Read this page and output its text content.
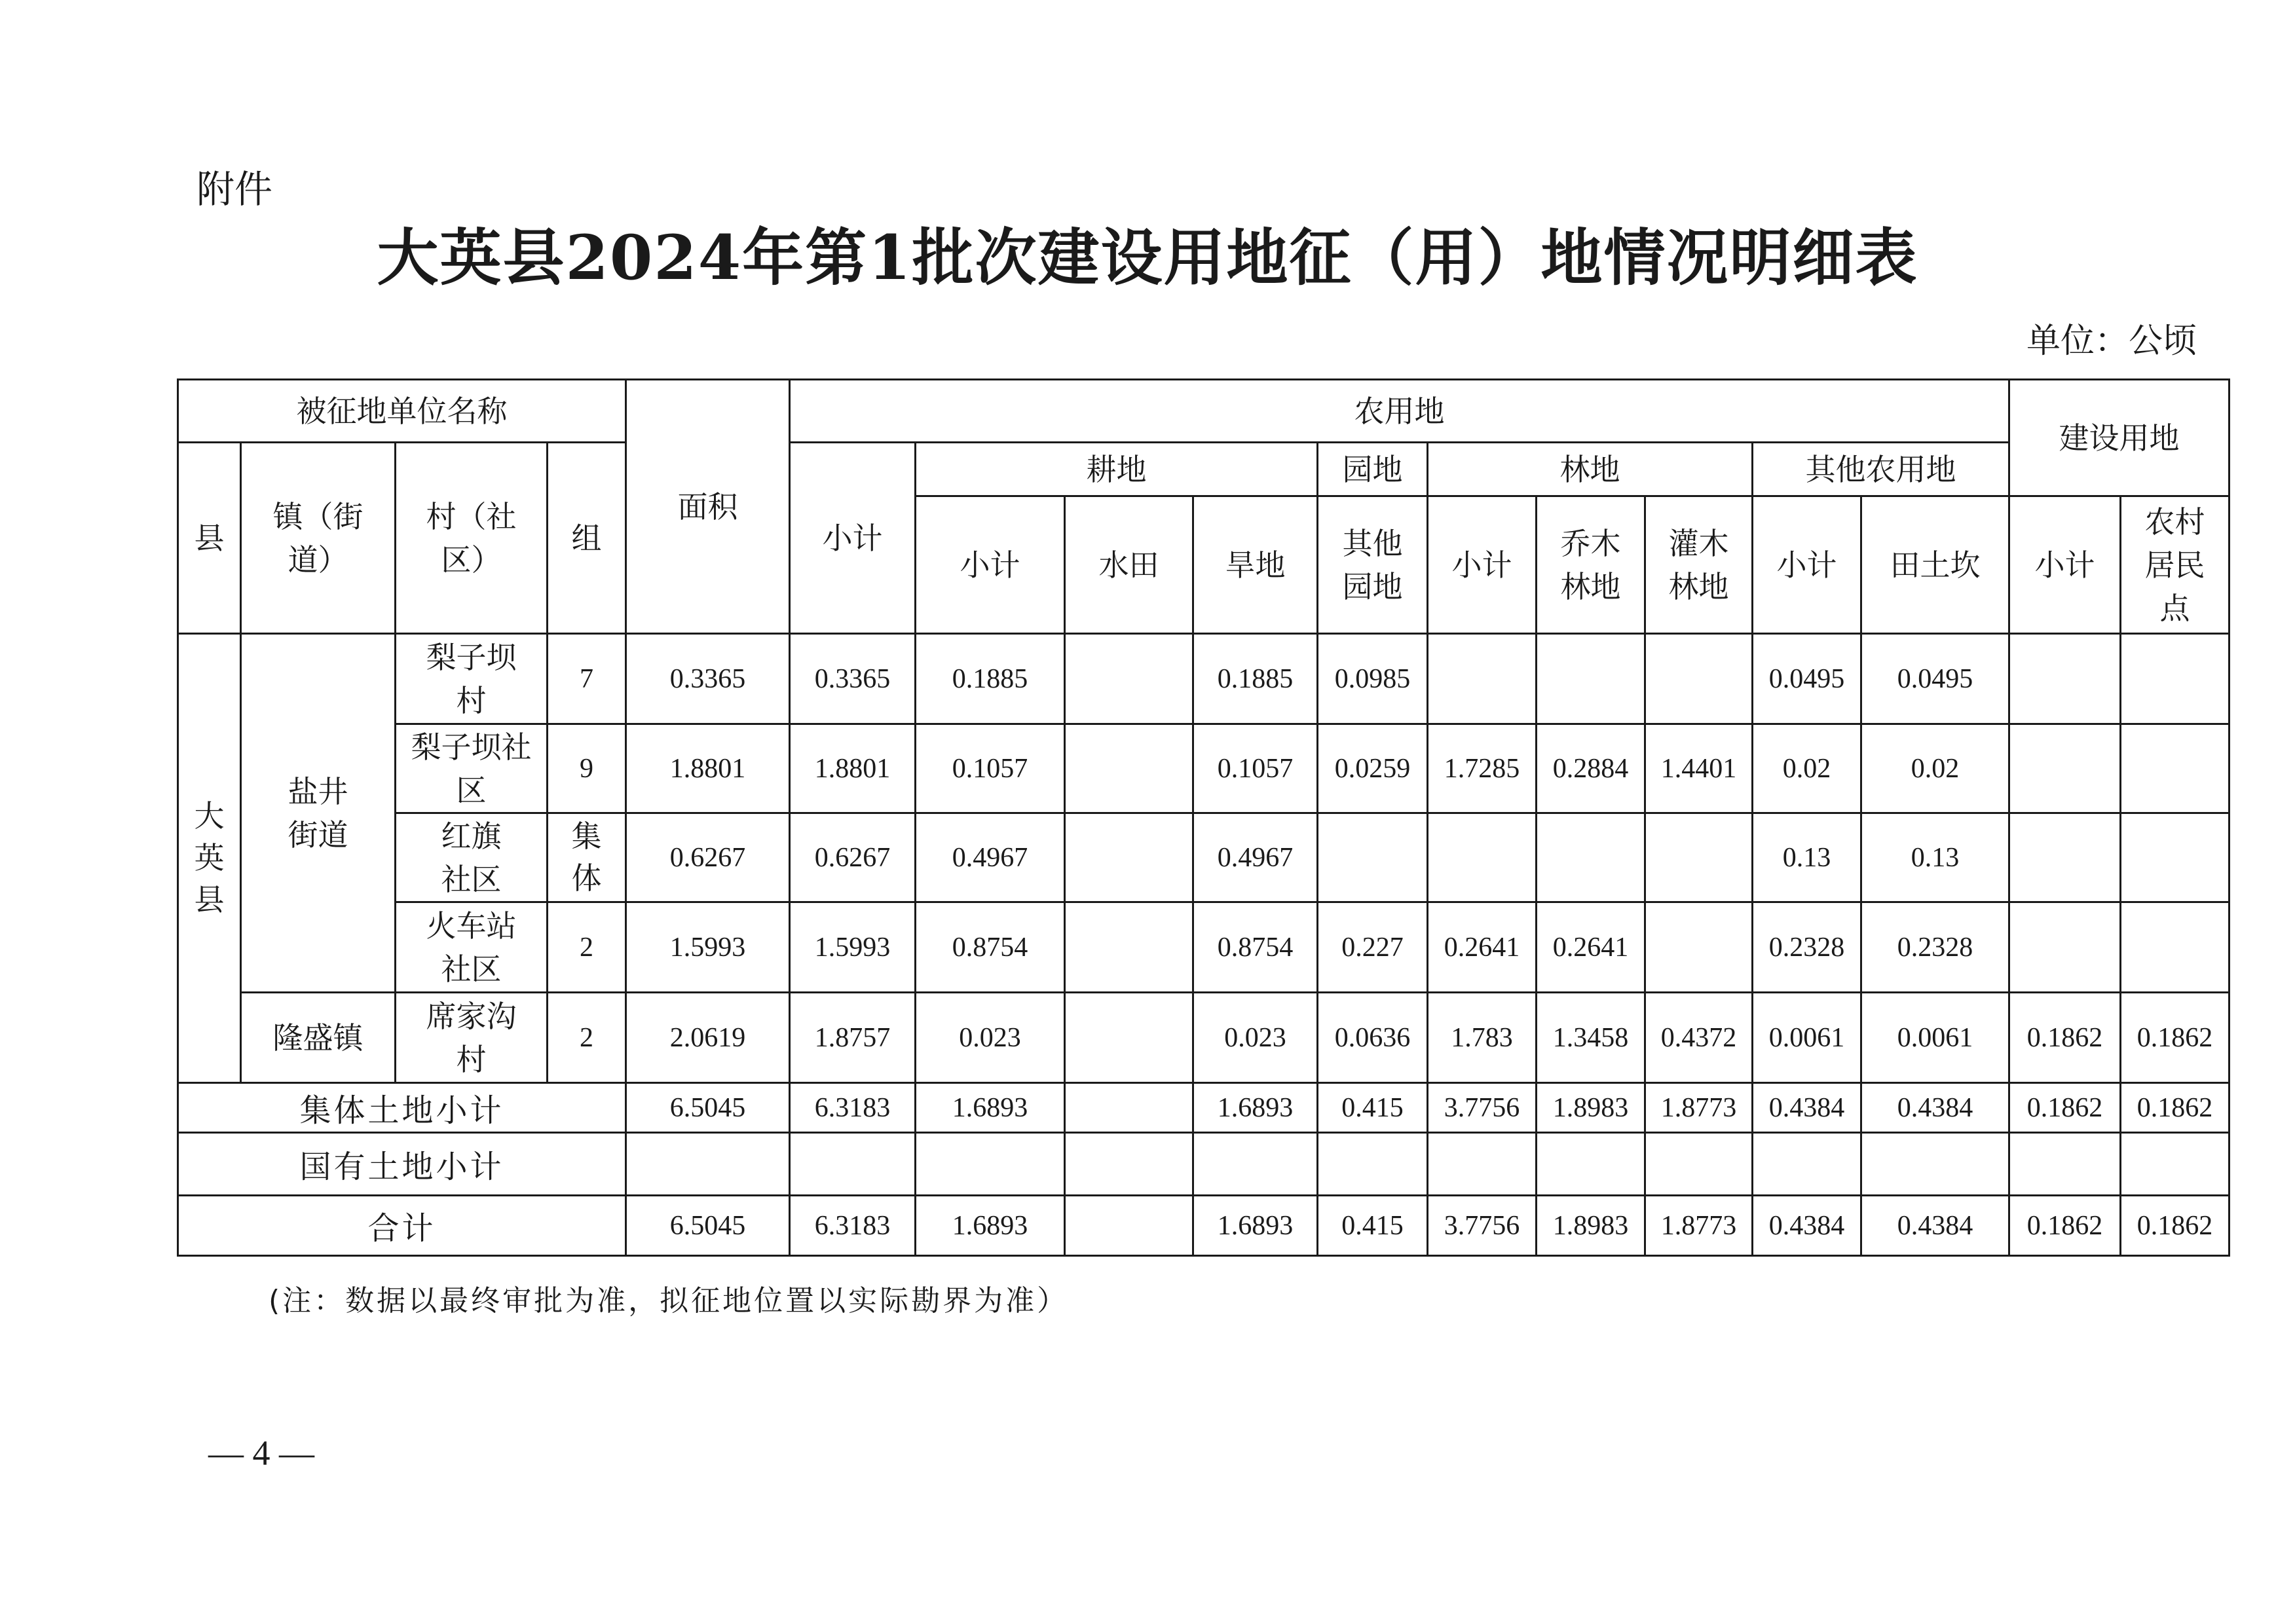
附件
大英县2024年第1批次建设用地征（用）地情况明细表
单位：公顷
被征地单位名称				面积	农用地										建设用地	
县	镇（街道）	村（社区）	组		小计	耕地			园地	林地			其他农用地			
						小计	水田	旱地	其他园地	小计	乔木林地	灌木林地	小计	田土坎	小计	农村居民点

大英县	盐井街道	梨子坝村	7	0.3365	0.3365	0.1885		0.1885	0.0985				0.0495	0.0495		
		梨子坝社区	9	1.8801	1.8801	0.1057		0.1057	0.0259	1.7285	0.2884	1.4401	0.02	0.02		
		红旗社区	集体	0.6267	0.6267	0.4967		0.4967					0.13	0.13		
		火车站社区	2	1.5993	1.5993	0.8754		0.8754	0.227	0.2641	0.2641		0.2328	0.2328		
	隆盛镇	席家沟村	2	2.0619	1.8757	0.023		0.023	0.0636	1.783	1.3458	0.4372	0.0061	0.0061	0.1862	0.1862
集体土地小计				6.5045	6.3183	1.6893		1.6893	0.415	3.7756	1.8983	1.8773	0.4384	0.4384	0.1862	0.1862
国有土地小计																
合计				6.5045	6.3183	1.6893		1.6893	0.415	3.7756	1.8983	1.8773	0.4384	0.4384	0.1862	0.1862
(注：数据以最终审批为准，拟征地位置以实际勘界为准）
— 4 —
